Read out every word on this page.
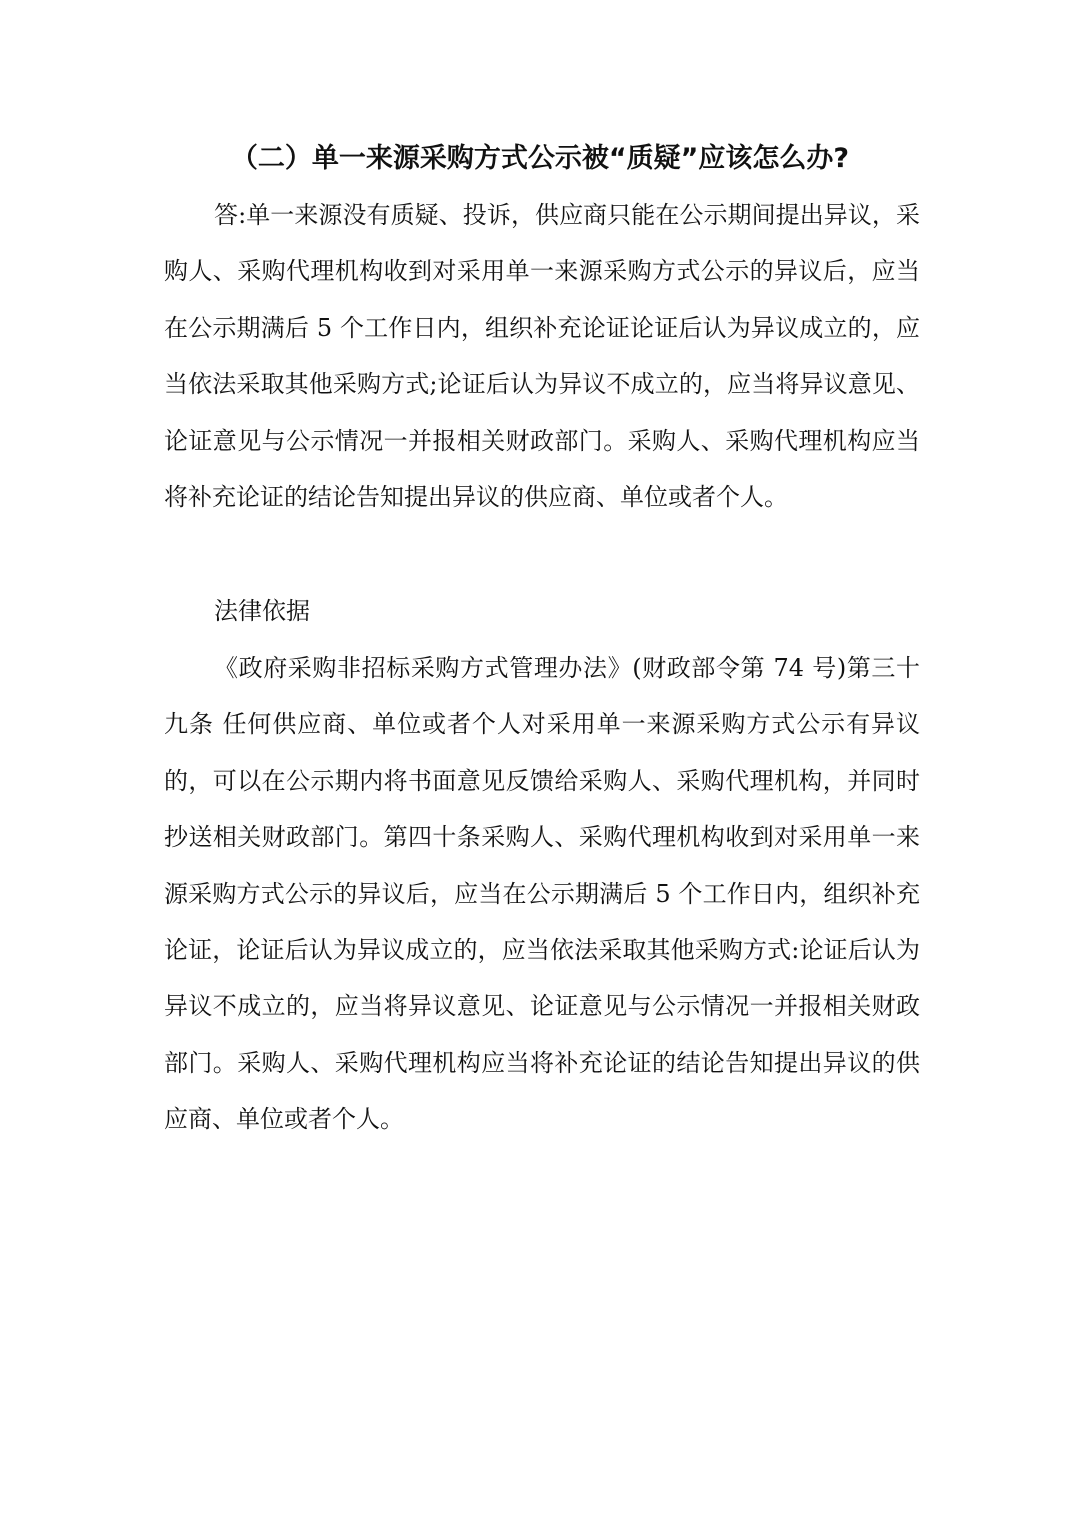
（二）单一来源采购方式公示被“质疑”应该怎么办?

答:单一来源没有质疑、投诉，供应商只能在公示期间提出异议，采购人、采购代理机构收到对采用单一来源采购方式公示的异议后，应当在公示期满后 5 个工作日内，组织补充论证论证后认为异议成立的，应当依法采取其他采购方式;论证后认为异议不成立的，应当将异议意见、论证意见与公示情况一并报相关财政部门。采购人、采购代理机构应当将补充论证的结论告知提出异议的供应商、单位或者个人。

法律依据

《政府采购非招标采购方式管理办法》(财政部令第 74 号)第三十九条 任何供应商、单位或者个人对采用单一来源采购方式公示有异议的，可以在公示期内将书面意见反馈给采购人、采购代理机构，并同时抄送相关财政部门。第四十条采购人、采购代理机构收到对采用单一来源采购方式公示的异议后，应当在公示期满后 5 个工作日内，组织补充论证，论证后认为异议成立的，应当依法采取其他采购方式:论证后认为异议不成立的，应当将异议意见、论证意见与公示情况一并报相关财政部门。采购人、采购代理机构应当将补充论证的结论告知提出异议的供应商、单位或者个人。
